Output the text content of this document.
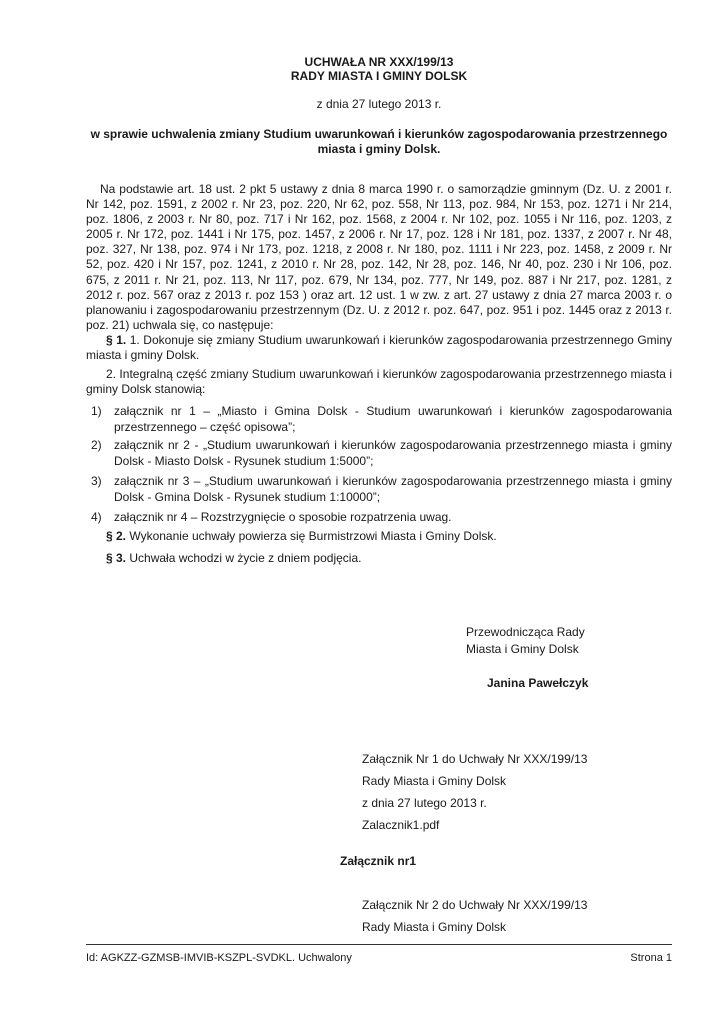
UCHWAŁA NR XXX/199/13
RADY MIASTA I GMINY DOLSK
z dnia 27 lutego 2013 r.
w sprawie uchwalenia zmiany Studium uwarunkowań i kierunków zagospodarowania przestrzennego
miasta i gminy Dolsk.
Na podstawie art. 18 ust. 2 pkt 5 ustawy z dnia 8 marca 1990 r. o samorządzie gminnym (Dz. U. z 2001 r. Nr 142, poz. 1591, z 2002 r. Nr 23, poz. 220, Nr 62, poz. 558, Nr 113, poz. 984, Nr 153, poz. 1271 i Nr 214, poz. 1806, z 2003 r. Nr 80, poz. 717 i Nr 162, poz. 1568, z 2004 r. Nr 102, poz. 1055 i Nr 116, poz. 1203, z 2005 r. Nr 172, poz. 1441 i Nr 175, poz. 1457, z 2006 r. Nr 17, poz. 128 i Nr 181, poz. 1337, z 2007 r. Nr 48, poz. 327, Nr 138, poz. 974 i Nr 173, poz. 1218, z 2008 r. Nr 180, poz. 1111 i Nr 223, poz. 1458, z 2009 r. Nr 52, poz. 420 i Nr 157, poz. 1241, z 2010 r. Nr 28, poz. 142, Nr 28, poz. 146, Nr 40, poz. 230 i Nr 106, poz. 675, z 2011 r. Nr 21, poz. 113, Nr 117, poz. 679, Nr 134, poz. 777, Nr 149, poz. 887 i Nr 217, poz. 1281, z 2012 r. poz. 567 oraz z 2013 r. poz 153 ) oraz art. 12 ust. 1 w zw. z art. 27 ustawy z dnia 27 marca 2003 r. o planowaniu i zagospodarowaniu przestrzennym (Dz. U. z 2012 r. poz. 647, poz. 951 i poz. 1445 oraz z 2013 r. poz. 21) uchwala się, co następuje:
§ 1. 1. Dokonuje się zmiany Studium uwarunkowań i kierunków zagospodarowania przestrzennego Gminy miasta i gminy Dolsk.
2. Integralną część zmiany Studium uwarunkowań i kierunków zagospodarowania przestrzennego miasta i gminy Dolsk stanowią:
1) załącznik nr 1 – „Miasto i Gmina Dolsk - Studium uwarunkowań i kierunków zagospodarowania przestrzennego – część opisowa”;
2) załącznik nr 2 - „Studium uwarunkowań i kierunków zagospodarowania przestrzennego miasta i gminy Dolsk - Miasto Dolsk - Rysunek studium 1:5000”;
3) załącznik nr 3 – „Studium uwarunkowań i kierunków zagospodarowania przestrzennego miasta i gminy Dolsk - Gmina Dolsk - Rysunek studium 1:10000”;
4) załącznik nr 4 – Rozstrzygnięcie o sposobie rozpatrzenia uwag.
§ 2. Wykonanie uchwały powierza się Burmistrzowi Miasta i Gminy Dolsk.
§ 3. Uchwała wchodzi w życie z dniem podjęcia.
Przewodnicząca Rady
Miasta i Gminy Dolsk
Janina Pawełczyk
Załącznik Nr 1 do Uchwały Nr XXX/199/13
Rady Miasta i Gminy Dolsk
z dnia 27 lutego 2013 r.
Zalacznik1.pdf
Załącznik nr1
Załącznik Nr 2 do Uchwały Nr XXX/199/13
Rady Miasta i Gminy Dolsk
Id: AGKZZ-GZMSB-IMVIB-KSZPL-SVDKL. Uchwalony	Strona 1
